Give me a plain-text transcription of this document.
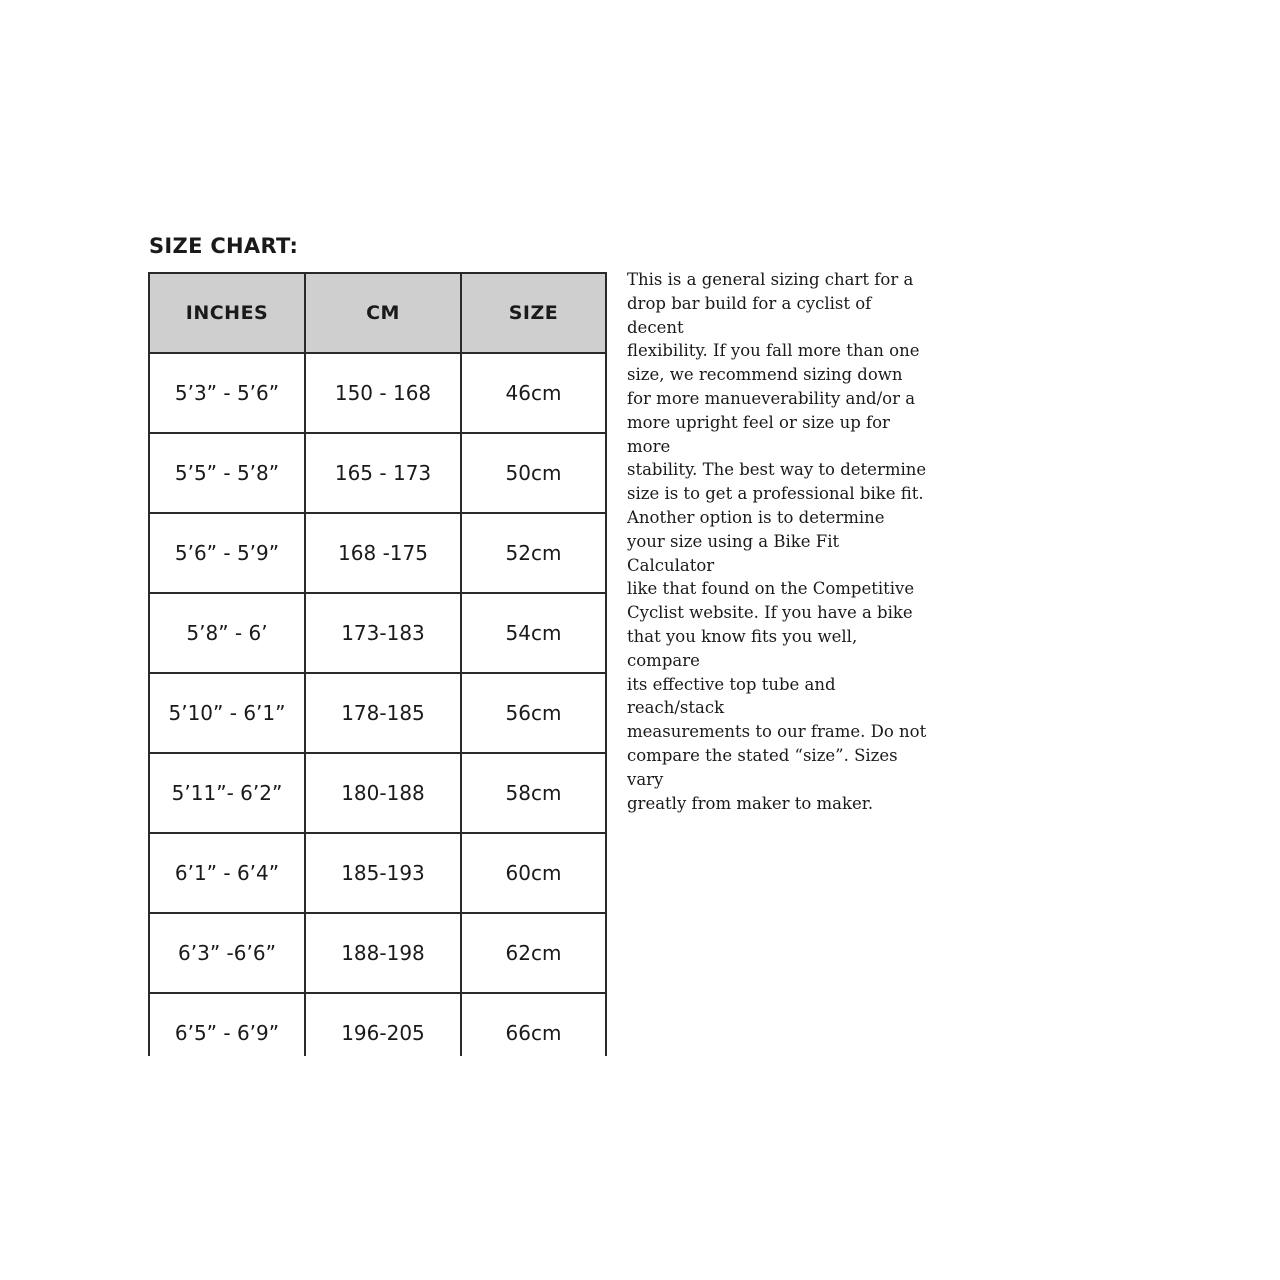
SIZE CHART:
INCHES	CM	SIZE
5’3” - 5’6”	150 - 168	46cm
5’5” - 5’8”	165 - 173	50cm
5’6” - 5’9”	168 -175	52cm
5’8” - 6’	173-183	54cm
5’10” - 6’1”	178-185	56cm
5’11”- 6’2”	180-188	58cm
6’1” - 6’4”	185-193	60cm
6’3” -6’6”	188-198	62cm
6’5” - 6’9”	196-205	66cm

This is a general sizing chart for a

drop bar build for a cyclist of decent

flexibility. If you fall more than one

size, we recommend sizing down

for more manueverability and/or a

more upright feel or size up for more

stability. The best way to determine

size is to get a professional bike fit.

Another option is to determine

your size using a Bike Fit Calculator

like that found on the Competitive

Cyclist website. If you have a bike

that you know fits you well, compare

its effective top tube and reach/stack

measurements to our frame. Do not

compare the stated “size”. Sizes vary

greatly from maker to maker.
